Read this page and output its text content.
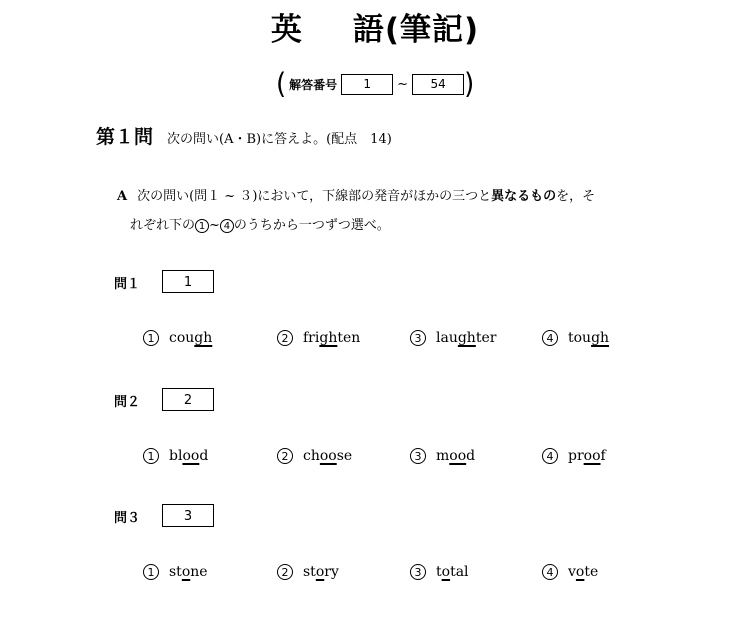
英 語(筆記)
( 解答番号	1	~	54 )
第１問 次の問い(A・B)に答えよ。(配点　14)
A 次の問い(問１ ~ ３)において，下線部の発音がほかの三つと異なるものを，そ
れぞれ下の 1 ~ 4 のうちから一つずつ選べ。
問１	1
1	cough	2	frighten	3	laughter	4	tough
問２	2
1	blood	2	choose	3	mood	4	proof
問３	3
1	stone	2	story	3	total	4	vote
